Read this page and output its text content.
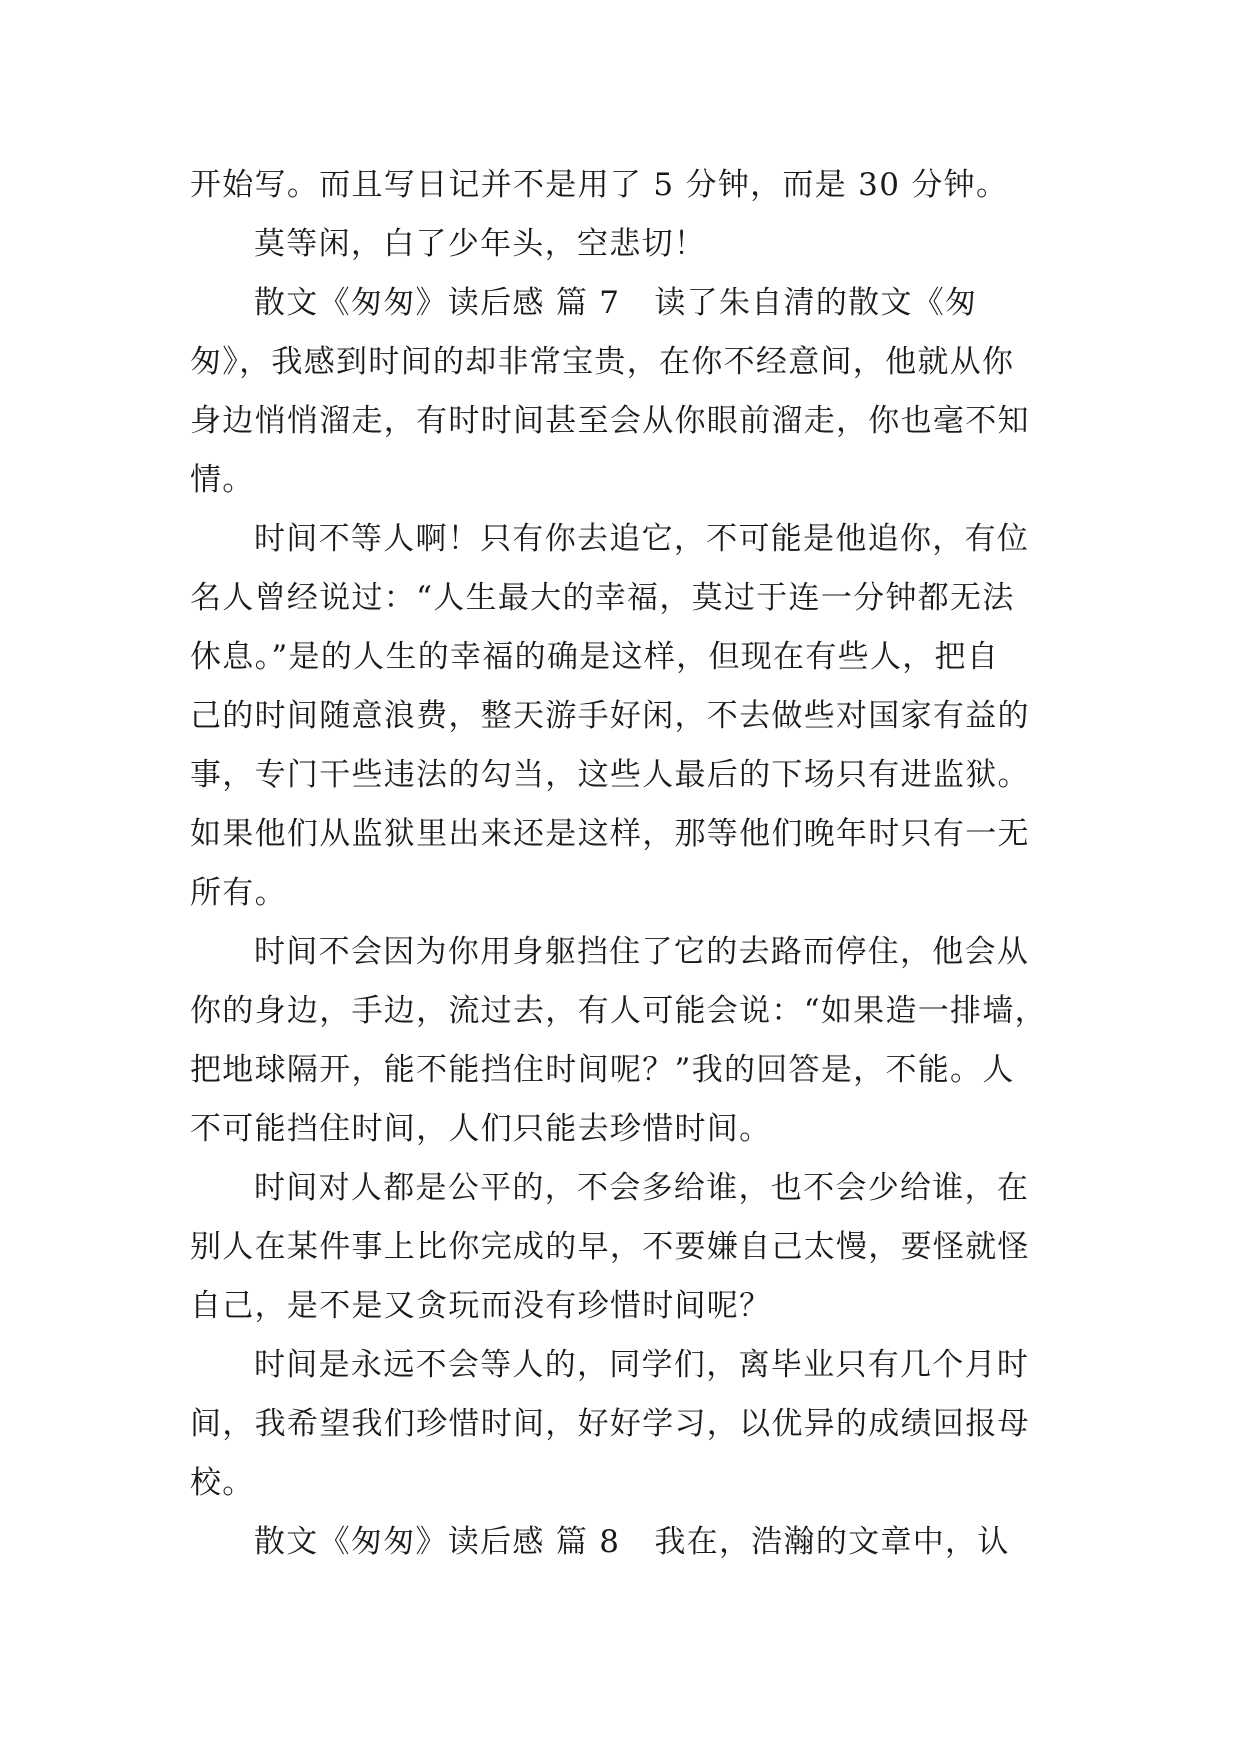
开始写。而且写日记并不是用了 5 分钟，而是 30 分钟。
莫等闲，白了少年头，空悲切！
散文《匆匆》读后感 篇 7 读了朱自清的散文《匆
匆》，我感到时间的却非常宝贵，在你不经意间，他就从你
身边悄悄溜走，有时时间甚至会从你眼前溜走，你也毫不知
情。
时间不等人啊！只有你去追它，不可能是他追你，有位
名人曾经说过：“人生最大的幸福，莫过于连一分钟都无法
休息。”是的人生的幸福的确是这样，但现在有些人，把自
己的时间随意浪费，整天游手好闲，不去做些对国家有益的
事，专门干些违法的勾当，这些人最后的下场只有进监狱。
如果他们从监狱里出来还是这样，那等他们晚年时只有一无
所有。
时间不会因为你用身躯挡住了它的去路而停住，他会从
你的身边，手边，流过去，有人可能会说：“如果造一排墙，
把地球隔开，能不能挡住时间呢？”我的回答是，不能。人
不可能挡住时间，人们只能去珍惜时间。
时间对人都是公平的，不会多给谁，也不会少给谁，在
别人在某件事上比你完成的早，不要嫌自己太慢，要怪就怪
自己，是不是又贪玩而没有珍惜时间呢？
时间是永远不会等人的，同学们，离毕业只有几个月时
间，我希望我们珍惜时间，好好学习，以优异的成绩回报母
校。
散文《匆匆》读后感 篇 8 我在，浩瀚的文章中，认
